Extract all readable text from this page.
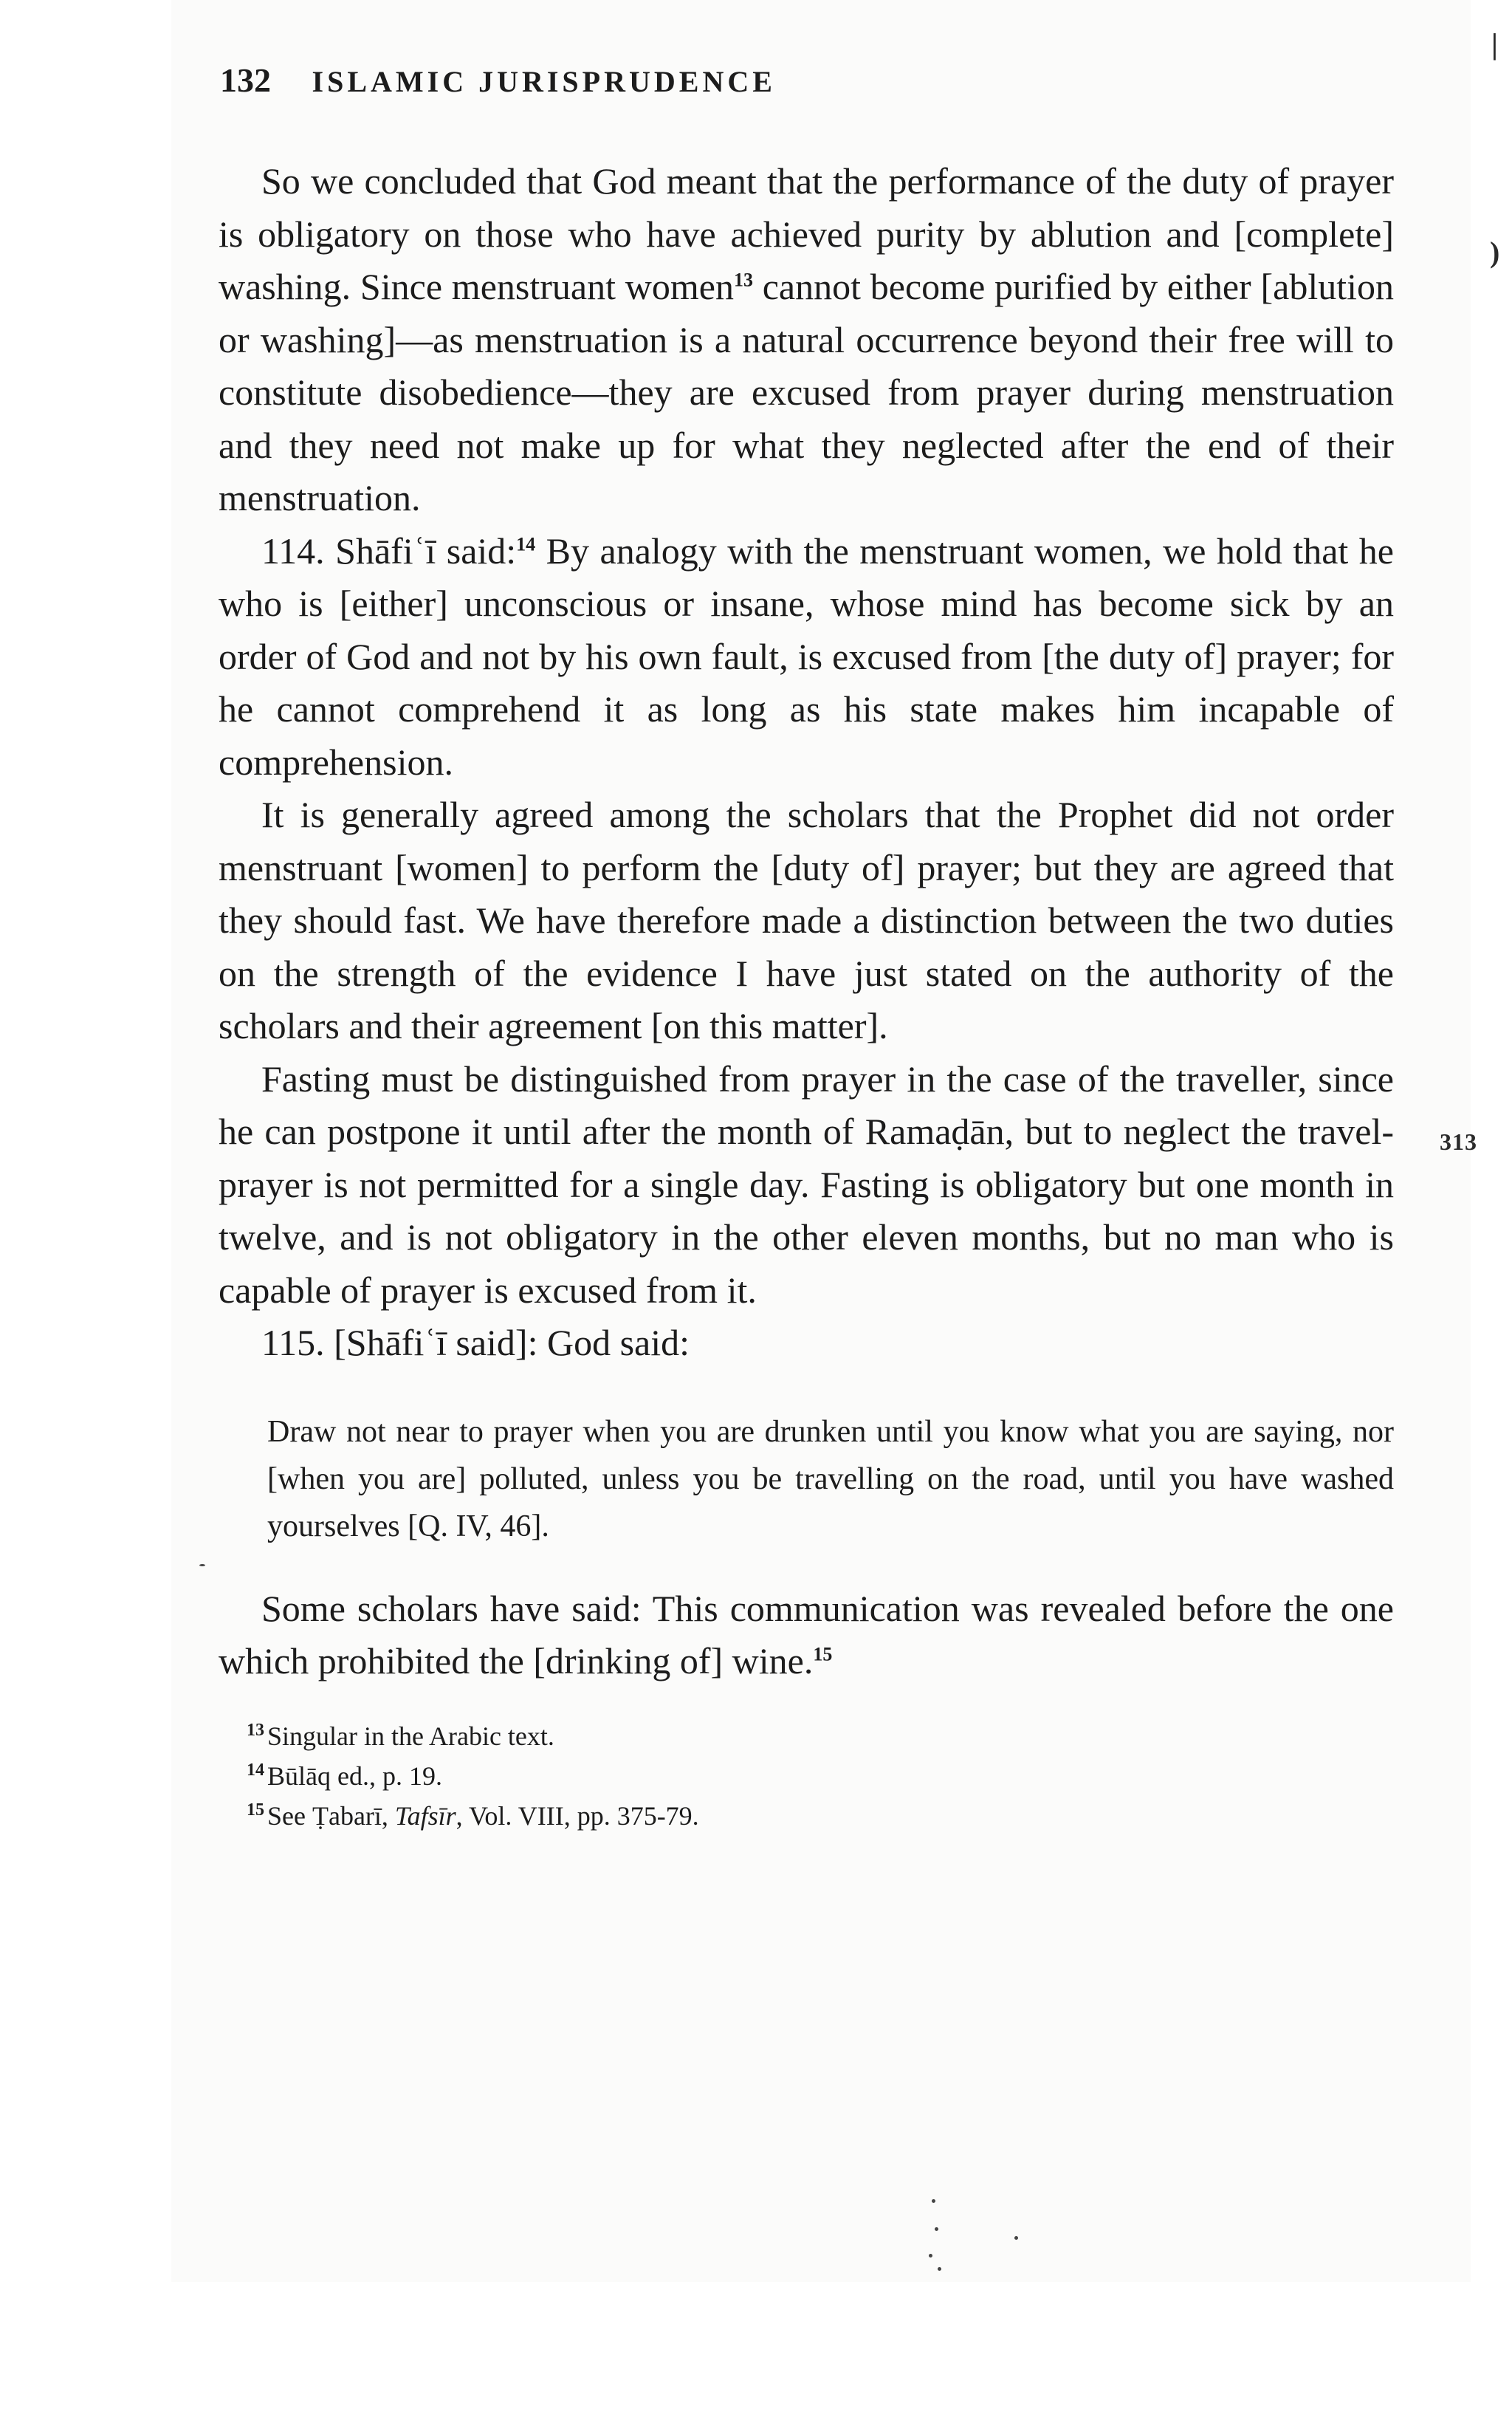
132 ISLAMIC JURISPRUDENCE
|
)
313

So we concluded that God meant that the performance of the duty of prayer is obligatory on those who have achieved purity by ablution and [complete] washing. Since menstruant women$^{13}$ cannot become purified by either [ablution or washing]—as menstruation is a natural occurrence beyond their free will to constitute disobedience—they are excused from prayer during menstruation and they need not make up for what they neglected after the end of their menstruation.

114. Shāfiʿī said:$^{14}$ By analogy with the menstruant women, we hold that he who is [either] unconscious or insane, whose mind has become sick by an order of God and not by his own fault, is excused from [the duty of] prayer; for he cannot comprehend it as long as his state makes him incapable of comprehension.

It is generally agreed among the scholars that the Prophet did not order menstruant [women] to perform the [duty of] prayer; but they are agreed that they should fast. We have therefore made a distinction between the two duties on the strength of the evidence I have just stated on the authority of the scholars and their agreement [on this matter].

Fasting must be distinguished from prayer in the case of the traveller, since he can postpone it until after the month of Ramaḍān, but to neglect the travel-prayer is not permitted for a single day. Fasting is obligatory but one month in twelve, and is not obligatory in the other eleven months, but no man who is capable of prayer is excused from it.

115. [Shāfiʿī said]: God said:

Draw not near to prayer when you are drunken until you know what you are saying, nor [when you are] polluted, unless you be travelling on the road, until you have washed yourselves [Q. IV, 46].

Some scholars have said: This communication was revealed before the one which prohibited the [drinking of] wine.$^{15}$

$^{13}$ Singular in the Arabic text.

$^{14}$ Būlāq ed., p. 19.

$^{15}$ See Ṭabarī, Tafsīr, Vol. VIII, pp. 375-79.
